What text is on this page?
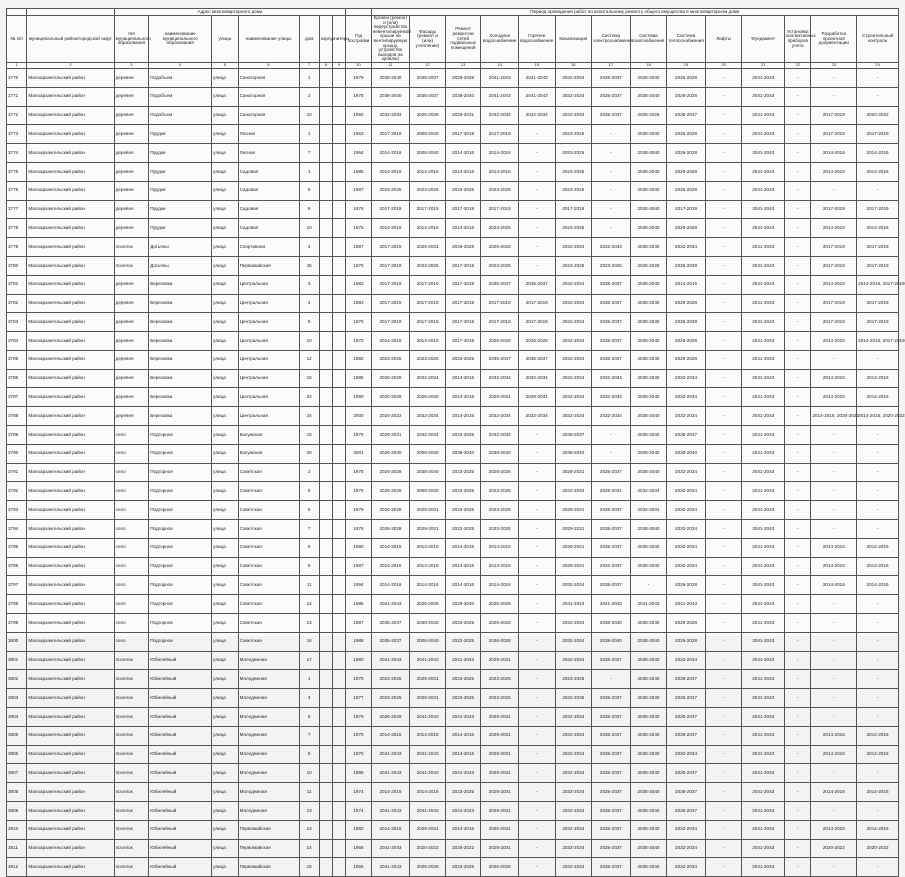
		Адрес многоквартирного дома								Период проведения работ по капитальному ремонту общего имущества в многоквартирном доме													
№ п/п	муниципальный район/городской округ	тип муниципального образования	наименование муниципального образования	улица	наименование улицы	дом	корпус	литера	Год постройки	Кровли (ремонт и (или) переустройство невентилируемой крыши на вентилируемую крышу, устройство выходов на кровлю)	Фасады (ремонт и (или) утепление)	Ремонт ремонтом сетей подвальных помещений	Холодное водоснабжение	Горячее водоснабжение	Канализация	Система электроснабжения	Система газоснабжения	Система теплоснабжения	Лифты	Фундамент	Установка коллективных приборов учета	Разработка проектной документации	Строительный контроль
1	2	3	4	5	6	7	8	9	10	11	12	13	14	15	16	17	18	19	20	21	22	23	24
3770	Малоархангельский район	деревня	Подобъем	улица	Санаторная	1			1976	2038-2040	2035-2037	2026-2028	2041-2043	2041-2043	2032-2034	2035-2037	2026-2040	2026-2028	-	2041-2043	-	-	-
3771	Малоархангельский район	деревня	Подобъем	улица	Санаторная	2			1978	2038-2040	2035-2037	2038-2040	2041-2043	2041-2043	2032-2034	2035-2037	2038-2040	2026-2028	-	2041-2043	-	-	-
3772	Малоархангельский район	деревня	Подобъем	улица	Санаторная	10			1992	2032-2034	2026-2028	2026-2031	2032-2034	2032-2034	2032-2034	2035-2037	2026-2028	2035-2037	-	2041-2043	-	2017-2019	2020-2022
3773	Малоархангельский район	деревня	Прудки	улица	Лесная	1			1963	2017-2019	2008-2040	2017-2019	2017-2019	-	2023-2025	-	2038-2040	2026-2028	-	2041-2043	-	2017-2019	2017-2019
3774	Малоархангельский район	деревня	Прудки	улица	Лесная	7			1964	2014-2016	2008-2040	2014-2016	2014-2016	-	2023-2025	-	2038-2040	2026-2028	-	2041-2043	-	2014-2016	2014-2016
3775	Малоархангельский район	деревня	Прудки	улица	Садовая	1			1985	2014-2016	2014-2016	2014-2016	2014-2016	-	2023-2025	-	2038-2040	2026-2028	-	2041-2043	-	2014-2016	2014-2016
3776	Малоархангельский район	деревня	Прудки	улица	Садовая	8			1987	2023-2025	2023-2025	2023-2025	2023-2025	-	2023-2025	-	2038-2040	2026-2028	-	2041-2043	-	-	-
3777	Малоархангельский район	деревня	Прудки	улица	Садовая	9			1976	2017-2019	2017-2019	2017-2019	2017-2019	-	2017-2019	-	2026-2040	2017-2019	-	2041-2043	-	2017-2019	2017-2019
3778	Малоархангельский район	деревня	Прудки	улица	Садовая	10			1975	2014-2016	2014-2016	2014-2016	2023-2025	-	2023-2025	-	2038-2040	2026-2028	-	2041-2043	-	2014-2016	2014-2016
3779	Малоархангельский район	поселок	Дотьяны	улица	Спортивная	4			1987	2017-2019	2029-2031	2026-2028	2026-2028	-	2032-2034	2032-2034	2038-2040	2032-2034	-	2041-2043	-	2017-2019	2017-2019
3780	Малоархангельский район	поселок	Дотьяны	улица	Первомайская	45			1970	2017-2019	2023-2025	2017-2019	2023-2025	-	2023-2025	2023-2025	2026-2028	2026-2028	-	2041-2043	-	2017-2019	2017-2019
3781	Малоархангельский район	деревня	Березовка	улица	Центральная	3			1983	2017-2019	2017-2019	2017-2019	2035-2037	2035-2037	2032-2034	2035-2037	2038-2040	2014-2016	-	2041-2043	-	2014-2016	2014-2016, 2017-2019
3782	Малоархангельский район	деревня	Березовка	улица	Центральная	4			1983	2017-2019	2017-2019	2017-2019	2017-2019	2017-2019	2032-2034	2035-2037	2038-2040	2026-2028	-	2041-2043	-	2017-2019	2017-2019
3783	Малоархангельский район	деревня	Березовка	улица	Центральная	8			1970	2017-2019	2017-2019	2017-2019	2017-2019	2017-2019	2032-2034	2035-2037	2038-2040	2026-2028	-	2041-2043	-	2017-2019	2017-2019
3784	Малоархангельский район	деревня	Березовка	улица	Центральная	10			1970	2014-2016	2014-2016	2017-2019	2026-2028	2026-2028	2032-2034	2035-2037	2038-2040	2026-2028	-	2041-2043	-	2014-2016	2014-2016, 2017-2019
3785	Малоархангельский район	деревня	Березовка	улица	Центральная	12			1982	2023-2025	2023-2025	2023-2025	2035-2037	2035-2037	2032-2034	2035-2037	2038-2040	2026-2028	-	2041-2043	-	-	-
3786	Малоархангельский район	деревня	Березовка	улица	Центральная	16			1985	2026-2028	2032-2034	2014-2016	2032-2034	2032-2034	2032-2034	2032-2034	2038-2040	2032-2034	-	2041-2043	-	2014-2016	2014-2016
3787	Малоархангельский район	деревня	Березовка	улица	Центральная	22			1990	2020-2028	2026-2040	2014-2016	2029-2031	2029-2031	2032-2034	2032-2034	2038-2040	2032-2034	-	2041-2043	-	2014-2016	2014-2016
3788	Малоархангельский район	деревня	Березовка	улица	Центральная	24			2000	2020-2022	2032-2034	2014-2016	2032-2034	2032-2034	2032-2034	2032-2034	2038-2040	2032-2034	-	2041-2043	-	2014-2016, 2020-2022	2014-2016, 2020-2022
3789	Малоархангельский район	село	Подгорное	улица	Калужская	15			1978	2029-2031	2032-2034	2023-2025	2032-2034	-	2035-2037	-	2038-2040	2035-2037	-	2041-2043	-	-	-
3790	Малоархангельский район	село	Подгорное	улица	Калужская	26			2001	2026-2040	2008-2040	2038-2040	2038-2040	-	2038-2040	-	2008-2040	2038-2040	-	2041-2043	-	-	-
3791	Малоархангельский район	село	Подгорное	улица	Советская	2			1978	2026-2028	2038-2040	2023-2025	2026-2028	-	2029-2031	2035-2037	2038-2040	2032-2034	-	2041-2043	-	-	-
3792	Малоархангельский район	село	Подгорное	улица	Советская	5			1978	2026-2028	2008-2040	2023-2025	2023-2025	-	2032-2034	2029-2031	2032-2034	2032-2034	-	2041-2043	-	-	-
3793	Малоархангельский район	село	Подгорное	улица	Советская	6			1976	2026-2028	2029-2031	2023-2025	2023-2025	-	2029-2031	2035-2037	2032-2034	2032-2034	-	2041-2043	-	-	-
3794	Малоархангельский район	село	Подгорное	улица	Советская	7			1976	2026-2028	2029-2031	2023-2025	2023-2025	-	2029-2031	2035-2037	2038-2040	2032-2034	-	2041-2043	-	-	-
3795	Малоархангельский район	село	Подгорное	улица	Советская	8			1980	2014-2016	2014-2016	2014-2016	2014-2016	-	2029-2031	2035-2037	2038-2040	2032-2034	-	2041-2043	-	2014-2016	2014-2016
3796	Малоархангельский район	село	Подгорное	улица	Советская	9			1987	2014-2016	2014-2016	2014-2016	2014-2016	-	2029-2031	2032-2037	2038-2040	2032-2034	-	2041-2043	-	2014-2016	2014-2016
3797	Малоархангельский район	село	Подгорное	улица	Советская	11			1994	2014-2016	2014-2016	2014-2016	2014-2016	-	2032-2034	2035-2037	-	2026-2028	-	2041-2043	-	2014-2016	2014-2016
3798	Малоархангельский район	село	Подгорное	улица	Советская	12			1986	2041-2043	2026-2028	2026-2040	2026-2028	-	2041-2043	2041-2043	2041-2043	2041-2043	-	2041-2043	-	-	-
3799	Малоархангельский район	село	Подгорное	улица	Советская	13			1987	2035-2037	2038-2040	2023-2025	2026-2028	-	2032-2034	2038-2040	2038-2040	2026-2028	-	2041-2043	-	-	-
3800	Малоархангельский район	село	Подгорное	улица	Советская	16			1988	2035-2037	2008-2040	2023-2025	2026-2028	-	2032-2034	2038-2040	2038-2040	2026-2028	-	2041-2043	-	-	-
3801	Малоархангельский район	поселок	Юбилейный	улица	Молодежная	17			1980	2041-2043	2041-2043	2041-2043	2029-2031	-	2032-2034	2035-2037	2038-2040	2032-2034	-	2041-2043	-	-	-
3802	Малоархангельский район	поселок	Юбилейный	улица	Молодежная	1			1970	2023-2025	2029-2031	2023-2025	2023-2025	-	2023-2025	-	2038-2040	2035-2037	-	2041-2043	-	-	-
3803	Малоархангельский район	поселок	Юбилейный	улица	Молодежная	3			1977	2023-2025	2029-2031	2023-2025	2023-2025	-	2032-2035	2035-2037	2038-2040	2035-2037	-	2041-2043	-	-	-
3804	Малоархангельский район	поселок	Юбилейный	улица	Молодежная	5			1979	2026-2028	2041-2043	2041-2043	2029-2031	-	2032-2034	2035-2037	2038-2040	2035-2037	-	2041-2043	-	-	-
3805	Малоархангельский район	поселок	Юбилейный	улица	Молодежная	7			1970	2014-2016	2014-2016	2014-2016	2029-2031	-	2032-2034	2035-2037	2038-2040	2035-2037	-	2041-2043	-	2014-2016	2014-2016
3806	Малоархангельский район	поселок	Юбилейный	улица	Молодежная	9			1970	2041-2043	2041-2043	2014-2016	2029-2031	-	2032-2034	2035-2037	2038-2040	2032-2034	-	2041-2043	-	2014-2016	2014-2016
3807	Малоархангельский район	поселок	Юбилейный	улица	Молодежная	10			1986	2041-2043	2041-2043	2041-2043	2029-2031	-	2032-2034	2035-2037	2038-2040	2035-2037	-	2041-2043	-	-	-
3808	Малоархангельский район	поселок	Юбилейный	улица	Молодежная	11			1974	2014-2016	2014-2016	2023-2025	2029-2031	-	2032-2034	2035-2037	2038-2040	2035-2037	-	2041-2043	-	2014-2016	2014-2016
3809	Малоархангельский район	поселок	Юбилейный	улица	Молодежная	13			1974	2041-2043	2041-2043	2041-2043	2029-2031	-	2032-2034	2035-2037	2038-2040	2035-2037	-	2041-2043	-	-	-
3810	Малоархангельский район	поселок	Юбилейный	улица	Первомайская	13			1982	2014-2016	2029-2031	2014-2016	2026-2031	-	2032-2034	2035-2037	2038-2040	2032-2034	-	2041-2043	-	2014-2016	2014-2016
3811	Малоархангельский район	поселок	Юбилейный	улица	Первомайская	14			1966	2041-2043	2020-2022	2020-2022	2029-2031	-	2032-2034	2035-2037	2038-2040	2032-2034	-	2041-2043	-	2020-2022	2020-2022
3812	Малоархангельский район	поселок	Юбилейный	улица	Первомайская	15			1965	2041-2043	2026-2028	2023-2025	2026-2028	-	2032-2034	2035-2037	2038-2040	2032-2034	-	2041-2043	-	-	-
